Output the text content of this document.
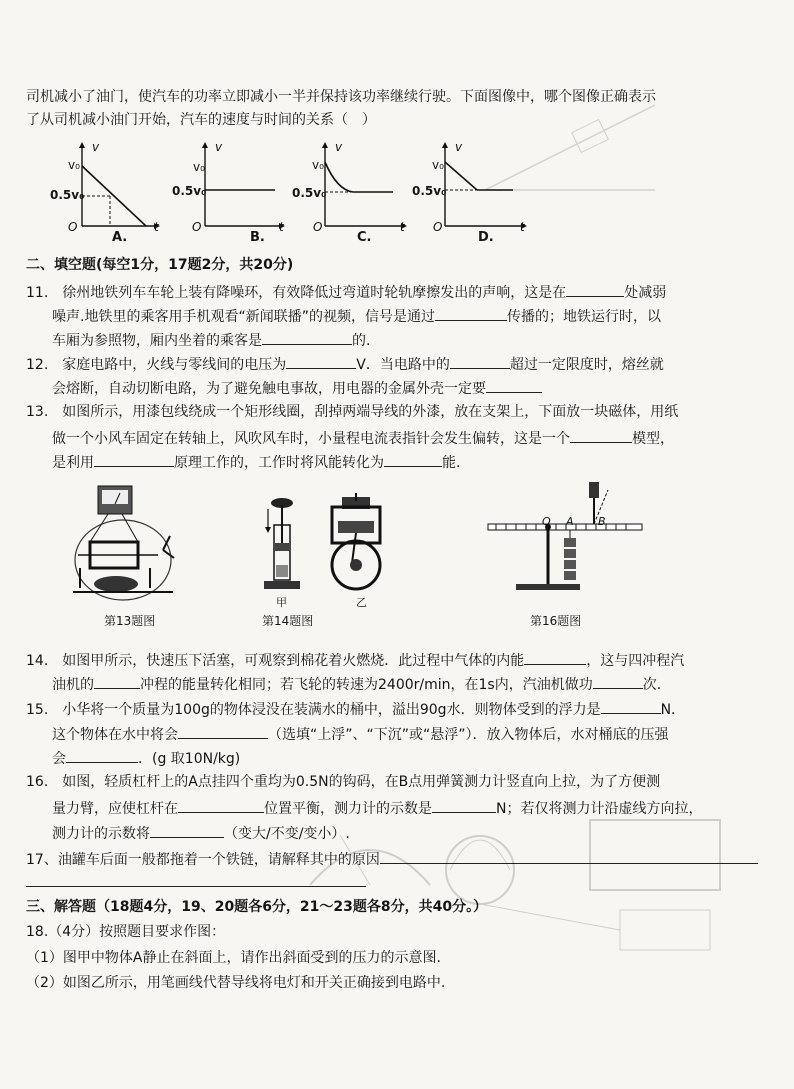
司机减小了油门，使汽车的功率立即减小一半并保持该功率继续行驶。下面图像中，哪个图像正确表示
了从司机减小油门开始，汽车的速度与时间的关系（　）
v
v₀
0.5v₀
O	t
A.
v
v₀
0.5v₀
O	t
B.
v
v₀
0.5v₀
O	t
C.
v
v₀
0.5v₀
O	t
D.
二、填空题(每空1分，17题2分，共20分)
11.　徐州地铁列车车轮上装有降噪环，有效降低过弯道时轮轨摩擦发出的声响，这是在	处减弱
噪声.地铁里的乘客用手机观看“新闻联播”的视频，信号是通过	传播的；地铁运行时，以
车厢为参照物，厢内坐着的乘客是	的.
12.　家庭电路中，火线与零线间的电压为	V．当电路中的	超过一定限度时，熔丝就
会熔断，自动切断电路，为了避免触电事故，用电器的金属外壳一定要
13.　如图所示，用漆包线绕成一个矩形线圈，刮掉两端导线的外漆，放在支架上，下面放一块磁体，用纸
做一个小风车固定在转轴上，风吹风车时，小量程电流表指针会发生偏转，这是一个	模型，
是利用	原理工作的，工作时将风能转化为	能.
第13题图
甲	乙
第14题图
O A B
第16题图
14.　如图甲所示，快速压下活塞，可观察到棉花着火燃烧．此过程中气体的内能	，这与四冲程汽
油机的	冲程的能量转化相同；若飞轮的转速为2400r/min，在1s内，汽油机做功	次.
15.　小华将一个质量为100g的物体浸没在装满水的桶中，溢出90g水．则物体受到的浮力是	N．
这个物体在水中将会	（选填“上浮”、“下沉”或“悬浮”）．放入物体后，水对桶底的压强
会	．(g 取10N/kg)
16.　如图，轻质杠杆上的A点挂四个重均为0.5N的钩码，在B点用弹簧测力计竖直向上拉，为了方便测
量力臂，应使杠杆在	位置平衡，测力计的示数是	N；若仅将测力计沿虚线方向拉，
测力计的示数将	（变大/不变/变小）.
17、油罐车后面一般都拖着一个铁链，请解释其中的原因
三、解答题（18题4分，19、20题各6分，21～23题各8分，共40分。）
18.（4分）按照题目要求作图：
（1）图甲中物体A静止在斜面上，请作出斜面受到的压力的示意图.
（2）如图乙所示，用笔画线代替导线将电灯和开关正确接到电路中.
